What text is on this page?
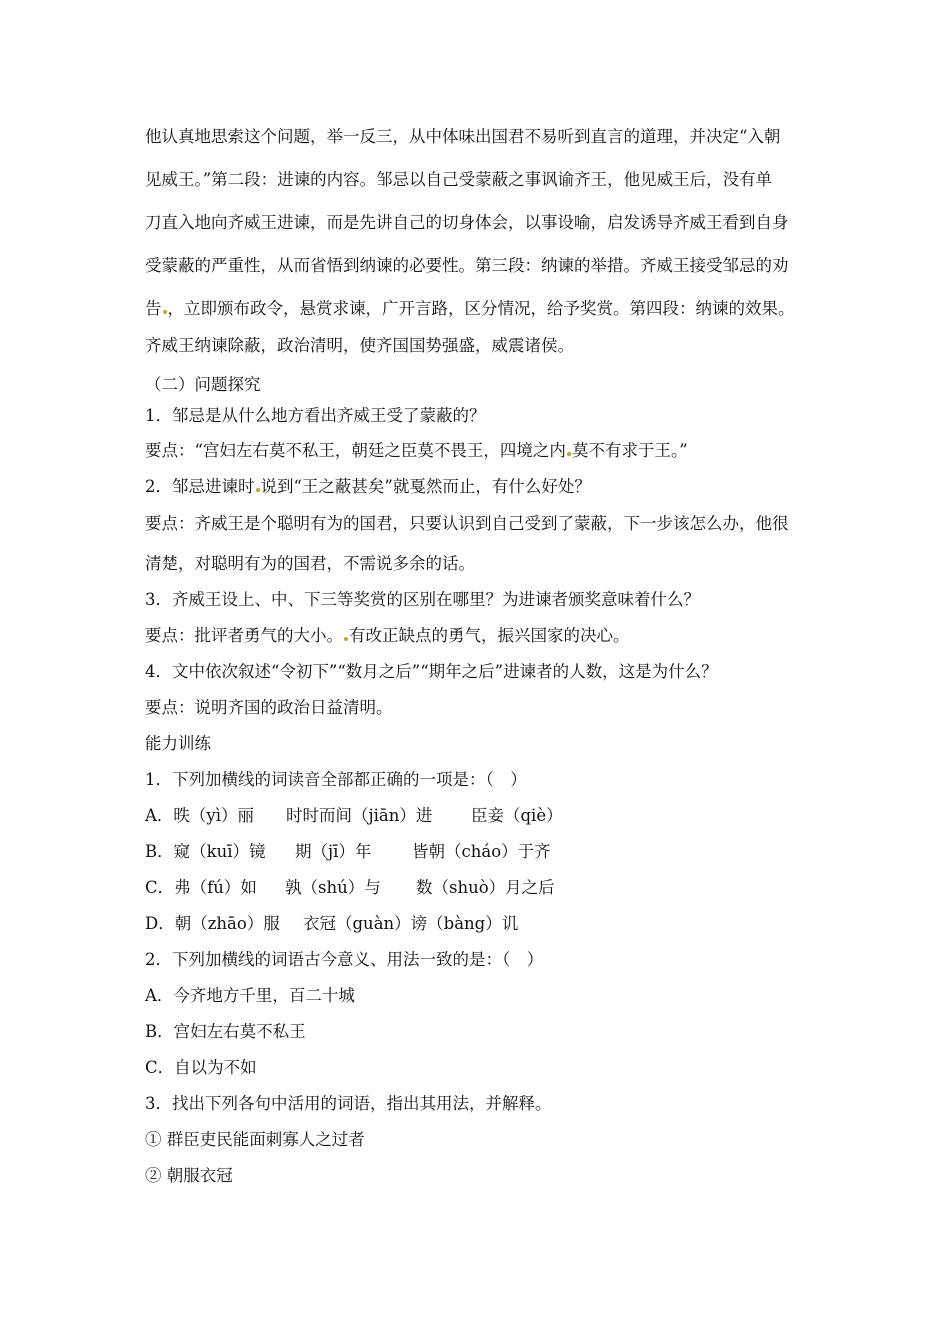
他认真地思索这个问题，举一反三，从中体味出国君不易听到直言的道理，并决定“入朝
见威王。”第二段：进谏的内容。邹忌以自己受蒙蔽之事讽谕齐王，他见威王后，没有单
刀直入地向齐威王进谏，而是先讲自己的切身体会，以事设喻，启发诱导齐威王看到自身
受蒙蔽的严重性，从而省悟到纳谏的必要性。第三段：纳谏的举措。齐威王接受邹忌的劝
告 ，立即颁布政令，悬赏求谏，广开言路，区分情况，给予奖赏。第四段：纳谏的效果。
齐威王纳谏除蔽，政治清明，使齐国国势强盛，威震诸侯。
（二）问题探究
1．邹忌是从什么地方看出齐威王受了蒙蔽的？
要点：“宫妇左右莫不私王，朝廷之臣莫不畏王，四境之内 莫不有求于王。”
2．邹忌进谏时 说到“王之蔽甚矣”就戛然而止，有什么好处？
要点：齐威王是个聪明有为的国君，只要认识到自己受到了蒙蔽，下一步该怎么办，他很
清楚，对聪明有为的国君，不需说多余的话。
3．齐威王设上、中、下三等奖赏的区别在哪里？为进谏者颁奖意味着什么？
要点：批评者勇气的大小。 有改正缺点的勇气，振兴国家的决心。
4．文中依次叙述“令初下”“数月之后”“期年之后”进谏者的人数，这是为什么？
要点：说明齐国的政治日益清明。
能力训练
1．下列加横线的词读音全部都正确的一项是：（　）
A．昳（yì）丽 时时而间（jiān）进 臣妾（qiè）
B．窥（kuī）镜 期（jī）年 皆朝（cháo）于齐
C．弗（fú）如 孰（shú）与 数（shuò）月之后
D．朝（zhāo）服 衣冠（guàn）谤（bàng）讥
2．下列加横线的词语古今意义、用法一致的是：（　）
A．今齐地方千里，百二十城
B．宫妇左右莫不私王
C．自以为不如
3．找出下列各句中活用的词语，指出其用法，并解释。
① 群臣吏民能面刺寡人之过者
② 朝服衣冠
